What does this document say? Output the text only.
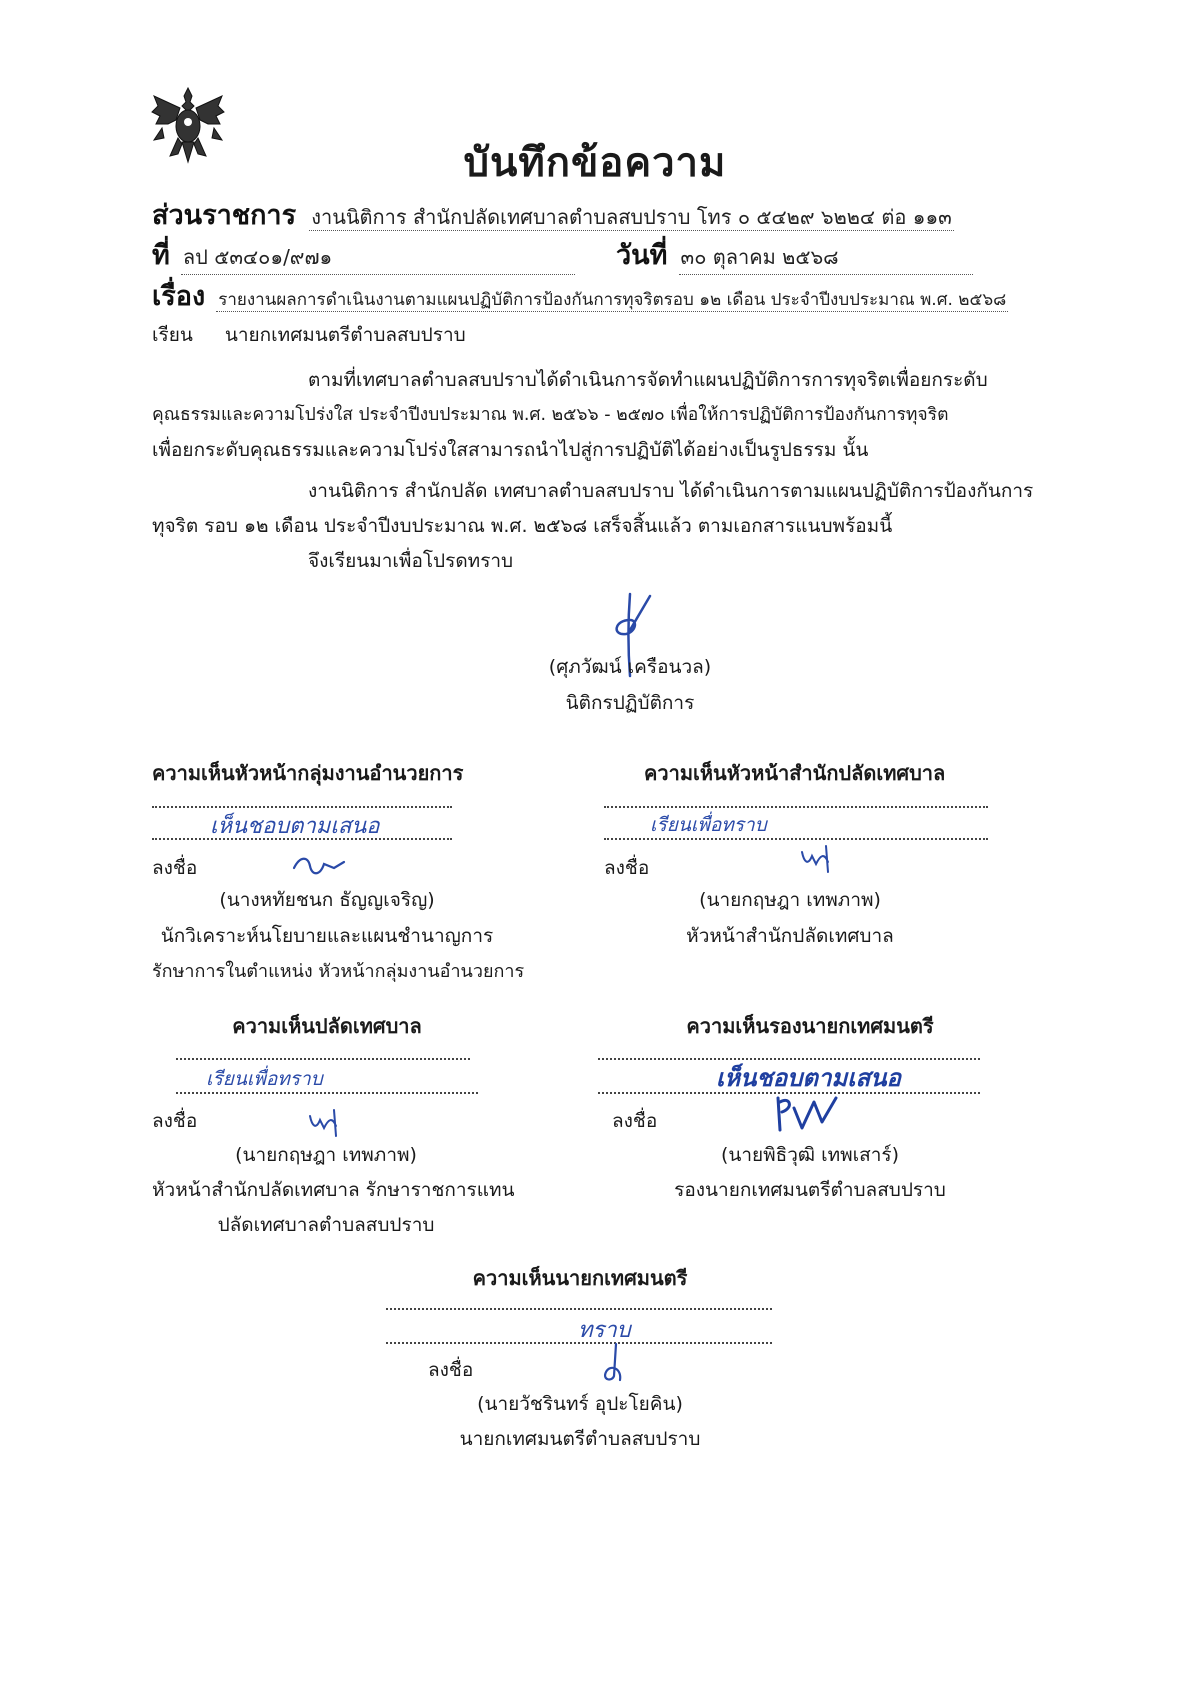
บันทึกข้อความ
ส่วนราชการ งานนิติการ สำนักปลัดเทศบาลตำบลสบปราบ โทร ๐ ๕๔๒๙ ๖๒๒๔ ต่อ ๑๑๓
ที่ ลป ๕๓๔๐๑/๙๗๑	วันที่ ๓๐ ตุลาคม ๒๕๖๘
เรื่อง รายงานผลการดำเนินงานตามแผนปฏิบัติการป้องกันการทุจริตรอบ ๑๒ เดือน ประจำปีงบประมาณ พ.ศ. ๒๕๖๘
เรียน นายกเทศมนตรีตำบลสบปราบ
ตามที่เทศบาลตำบลสบปราบได้ดำเนินการจัดทำแผนปฏิบัติการการทุจริตเพื่อยกระดับ
คุณธรรมและความโปร่งใส ประจำปีงบประมาณ พ.ศ. ๒๕๖๖ - ๒๕๗๐ เพื่อให้การปฏิบัติการป้องกันการทุจริต
เพื่อยกระดับคุณธรรมและความโปร่งใสสามารถนำไปสู่การปฏิบัติได้อย่างเป็นรูปธรรม นั้น
งานนิติการ สำนักปลัด เทศบาลตำบลสบปราบ ได้ดำเนินการตามแผนปฏิบัติการป้องกันการ
ทุจริต รอบ ๑๒ เดือน ประจำปีงบประมาณ พ.ศ. ๒๕๖๘ เสร็จสิ้นแล้ว ตามเอกสารแนบพร้อมนี้
จึงเรียนมาเพื่อโปรดทราบ
(ศุภวัฒน์ เครือนวล)
นิติกรปฏิบัติการ
ความเห็นหัวหน้ากลุ่มงานอำนวยการ
เห็นชอบตามเสนอ
ลงชื่อ
(นางหทัยชนก ธัญญเจริญ)
นักวิเคราะห์นโยบายและแผนชำนาญการ
รักษาการในตำแหน่ง หัวหน้ากลุ่มงานอำนวยการ
ความเห็นหัวหน้าสำนักปลัดเทศบาล
เรียนเพื่อทราบ
ลงชื่อ
(นายกฤษฎา เทพภาพ)
หัวหน้าสำนักปลัดเทศบาล
ความเห็นปลัดเทศบาล
เรียนเพื่อทราบ
ลงชื่อ
(นายกฤษฎา เทพภาพ)
หัวหน้าสำนักปลัดเทศบาล รักษาราชการแทน
ปลัดเทศบาลตำบลสบปราบ
ความเห็นรองนายกเทศมนตรี
เห็นชอบตามเสนอ
ลงชื่อ
(นายพิธิวุฒิ เทพเสาร์)
รองนายกเทศมนตรีตำบลสบปราบ
ความเห็นนายกเทศมนตรี
ทราบ
ลงชื่อ
(นายวัชรินทร์ อุปะโยคิน)
นายกเทศมนตรีตำบลสบปราบ
